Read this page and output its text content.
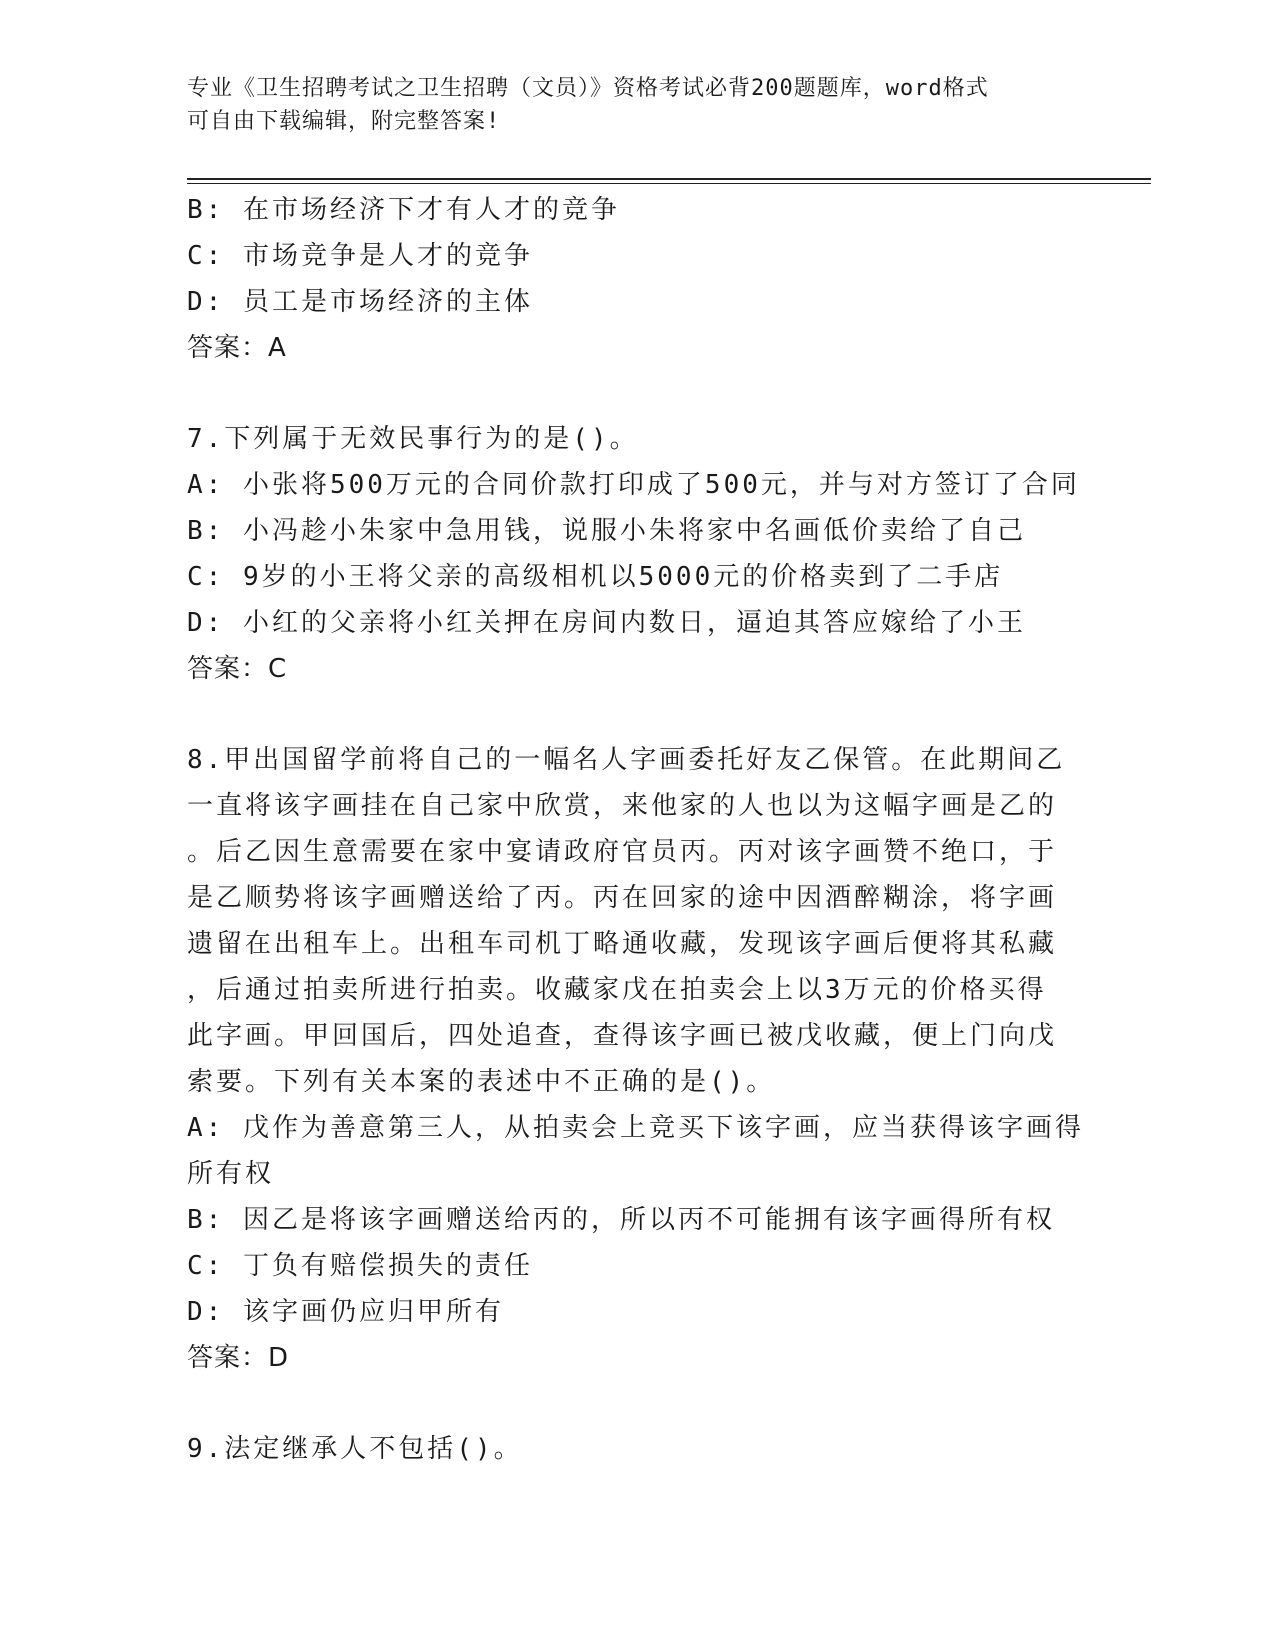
专业《卫生招聘考试之卫生招聘（文员）》资格考试必背200题题库，word格式
可自由下载编辑，附完整答案!
B: 在市场经济下才有人才的竞争
C: 市场竞争是人才的竞争
D: 员工是市场经济的主体
答案：A
7.下列属于无效民事行为的是()。
A: 小张将500万元的合同价款打印成了500元，并与对方签订了合同
B: 小冯趁小朱家中急用钱，说服小朱将家中名画低价卖给了自己
C: 9岁的小王将父亲的高级相机以5000元的价格卖到了二手店
D: 小红的父亲将小红关押在房间内数日，逼迫其答应嫁给了小王
答案：C
8.甲出国留学前将自己的一幅名人字画委托好友乙保管。在此期间乙
一直将该字画挂在自己家中欣赏，来他家的人也以为这幅字画是乙的
。后乙因生意需要在家中宴请政府官员丙。丙对该字画赞不绝口，于
是乙顺势将该字画赠送给了丙。丙在回家的途中因酒醉糊涂，将字画
遗留在出租车上。出租车司机丁略通收藏，发现该字画后便将其私藏
，后通过拍卖所进行拍卖。收藏家戊在拍卖会上以3万元的价格买得
此字画。甲回国后，四处追查，查得该字画已被戊收藏，便上门向戊
索要。下列有关本案的表述中不正确的是()。
A: 戊作为善意第三人，从拍卖会上竞买下该字画，应当获得该字画得
所有权
B: 因乙是将该字画赠送给丙的，所以丙不可能拥有该字画得所有权
C: 丁负有赔偿损失的责任
D: 该字画仍应归甲所有
答案：D
9.法定继承人不包括()。
